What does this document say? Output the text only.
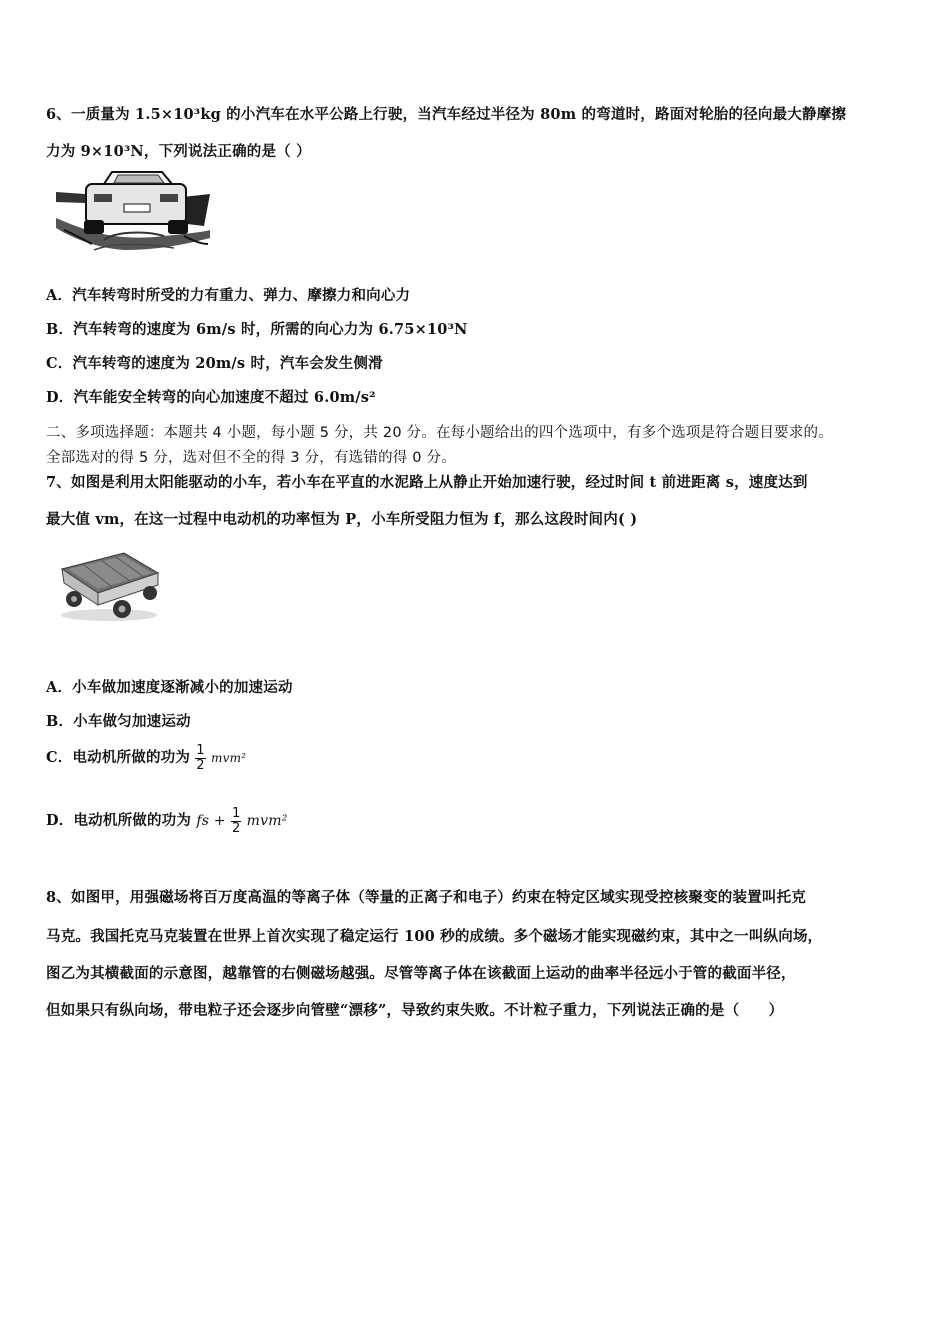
6、一质量为 1.5×10³kg 的小汽车在水平公路上行驶，当汽车经过半径为 80m 的弯道时，路面对轮胎的径向最大静摩擦
力为 9×10³N，下列说法正确的是（ ）
A．汽车转弯时所受的力有重力、弹力、摩擦力和向心力
B．汽车转弯的速度为 6m/s 时，所需的向心力为 6.75×10³N
C．汽车转弯的速度为 20m/s 时，汽车会发生侧滑
D．汽车能安全转弯的向心加速度不超过 6.0m/s²
二、多项选择题：本题共 4 小题，每小题 5 分，共 20 分。在每小题给出的四个选项中，有多个选项是符合题目要求的。
全部选对的得 5 分，选对但不全的得 3 分，有选错的得 0 分。
7、如图是利用太阳能驱动的小车，若小车在平直的水泥路上从静止开始加速行驶，经过时间 t 前进距离 s，速度达到
最大值 vm，在这一过程中电动机的功率恒为 P，小车所受阻力恒为 f，那么这段时间内( )
A．小车做加速度逐渐减小的加速运动
B．小车做匀加速运动
C．电动机所做的功为 $\frac{1}{2} mvm^2$
D．电动机所做的功为 fs + $\frac{1}{2} mvm^2$
8、如图甲，用强磁场将百万度高温的等离子体（等量的正离子和电子）约束在特定区域实现受控核聚变的装置叫托克
马克。我国托克马克装置在世界上首次实现了稳定运行 100 秒的成绩。多个磁场才能实现磁约束，其中之一叫纵向场，
图乙为其横截面的示意图，越靠管的右侧磁场越强。尽管等离子体在该截面上运动的曲率半径远小于管的截面半径，
但如果只有纵向场，带电粒子还会逐步向管壁“漂移”，导致约束失败。不计粒子重力，下列说法正确的是（　　）
